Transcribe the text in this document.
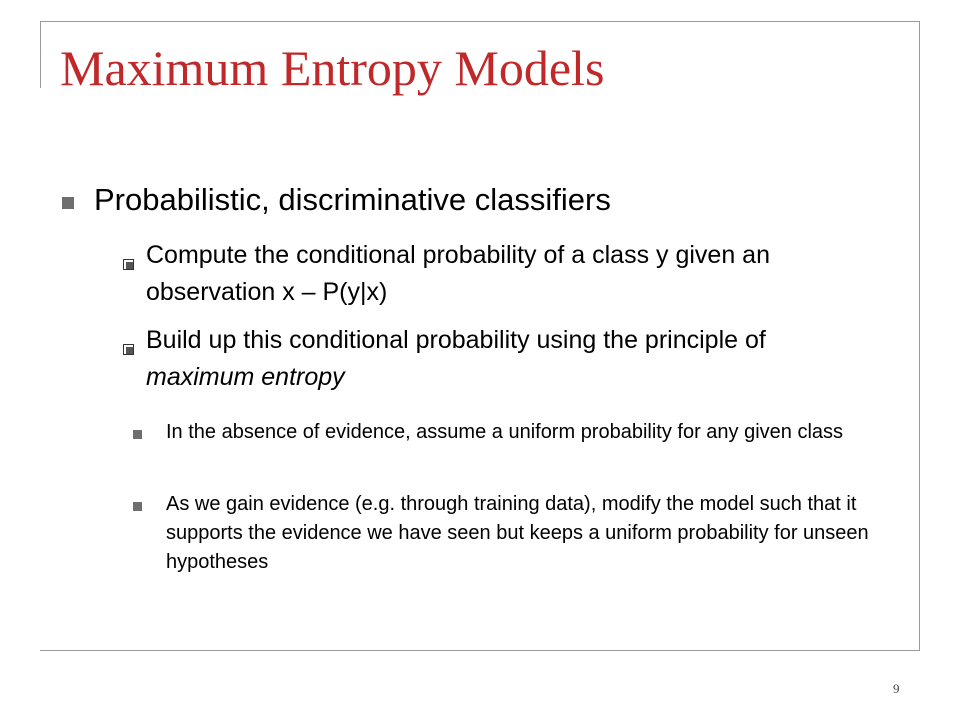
Maximum Entropy Models
Probabilistic, discriminative classifiers
Compute the conditional probability of a class y given an observation x – P(y|x)
Build up this conditional probability using the principle of maximum entropy
In the absence of evidence, assume a uniform probability for any given class
As we gain evidence (e.g. through training data), modify the model such that it supports the evidence we have seen but keeps a uniform probability for unseen hypotheses
9
